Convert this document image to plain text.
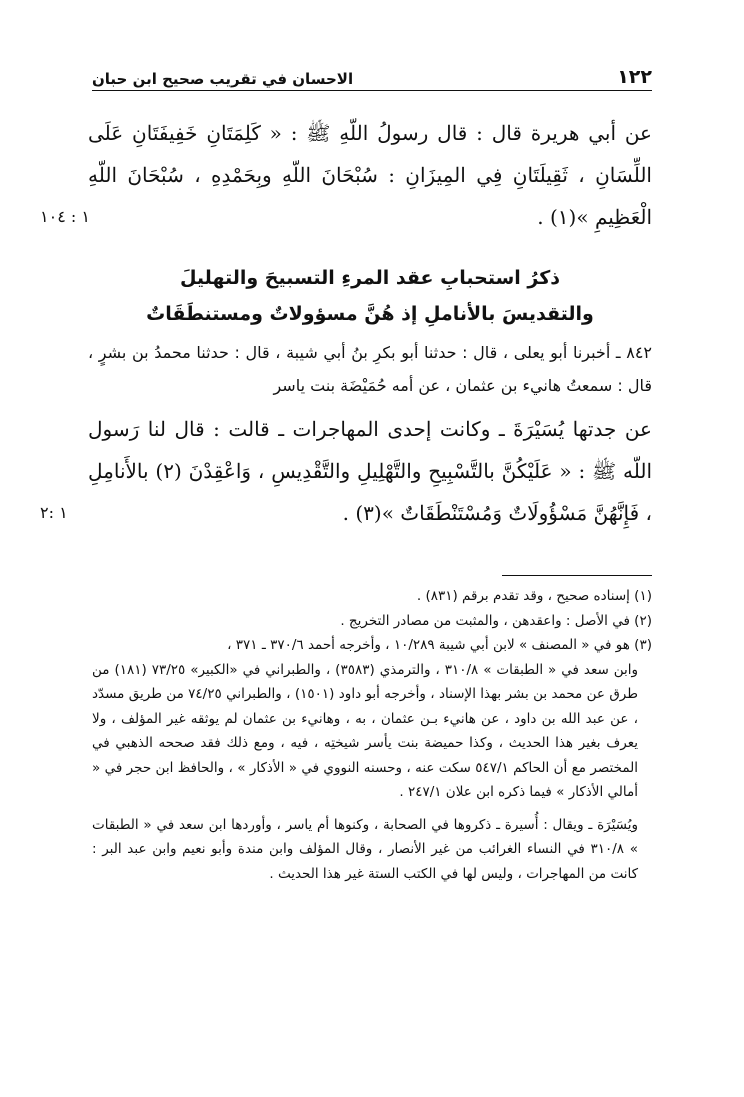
١٢٢
الاحسان في تقريب صحيح ابن حبان

عن أبي هريرة قال : قال رسولُ اللّهِ ﷺ : « كَلِمَتَانِ خَفِيفَتَانِ عَلَى اللِّسَانِ ، ثَقِيلَتَانِ فِي المِيزَانِ : سُبْحَانَ اللّهِ وبِحَمْدِهِ ، سُبْحَانَ اللّهِ الْعَظِيمِ »(١) .
١ : ١٠٤

ذكرُ استحبابِ عقد المرءِ التسبيحَ والتهليلَ
والتقديسَ بالأناملِ إذ هُنَّ مسؤولاتٌ ومستنطَقَاتٌ

٨٤٢ ـ أخبرنا أبو يعلى ، قال : حدثنا أبو بكرِ بنُ أبي شيبة ، قال : حدثنا محمدُ بن بشرٍ ، قال : سمعتُ هانيء بن عثمان ، عن أمه حُمَيْضَة بنت ياسر

عن جدتها يُسَيْرَةَ ـ وكانت إحدى المهاجرات ـ قالت : قال لنا رَسول اللّه ﷺ : « عَلَيْكُنَّ بالتَّسْبِيحِ والتَّهْلِيلِ والتَّقْدِيسِ ، وَاعْقِدْنَ (٢) بالأَنامِلِ ، فَإِنَّهُنَّ مَسْؤُولَاتٌ وَمُسْتَنْطَقَاتٌ »(٣) .
١ :٢

(١) إسناده صحيح ، وقد تقدم برقم (٨٣١) .

(٢) في الأصل : واعقدهن ، والمثبت من مصادر التخريج .

(٣) هو في « المصنف » لابن أبي شيبة ١٠/٢٨٩ ، وأخرجه أحمد ٣٧٠/٦ ـ ٣٧١ ،

وابن سعد في « الطبقات » ٣١٠/٨ ، والترمذي (٣٥٨٣) ، والطبراني في «الكبير» ٧٣/٢٥ (١٨١) من طرق عن محمد بن بشر بهذا الإسناد ، وأخرجه أبو داود (١٥٠١) ، والطبراني ٧٤/٢٥ من طريق مسدّد ، عن عبد الله بن داود ، عن هانيء بـن عثمان ، به ، وهانيء بن عثمان لم يوثقه غير المؤلف ، ولا يعرف بغير هذا الحديث ، وكذا حميضة بنت يأسر شيختِه ، فيه ، ومع ذلك فقد صححه الذهبي في المختصر مع أن الحاكم ٥٤٧/١ سكت عنه ، وحسنه النووي في « الأذكار » ، والحافظ ابن حجر في « أمالي الأذكار » فيما ذكره ابن علان ٢٤٧/١ .

ويُسَيْرَة ـ ويقال : أُسيرة ـ ذكروها في الصحابة ، وكنوها أم ياسر ، وأوردها ابن سعد في « الطبقات » ٣١٠/٨ في النساء الغرائب من غير الأنصار ، وقال المؤلف وابن مندة وأبو نعيم وابن عبد البر : كانت من المهاجرات ، وليس لها في الكتب الستة غير هذا الحديث .
